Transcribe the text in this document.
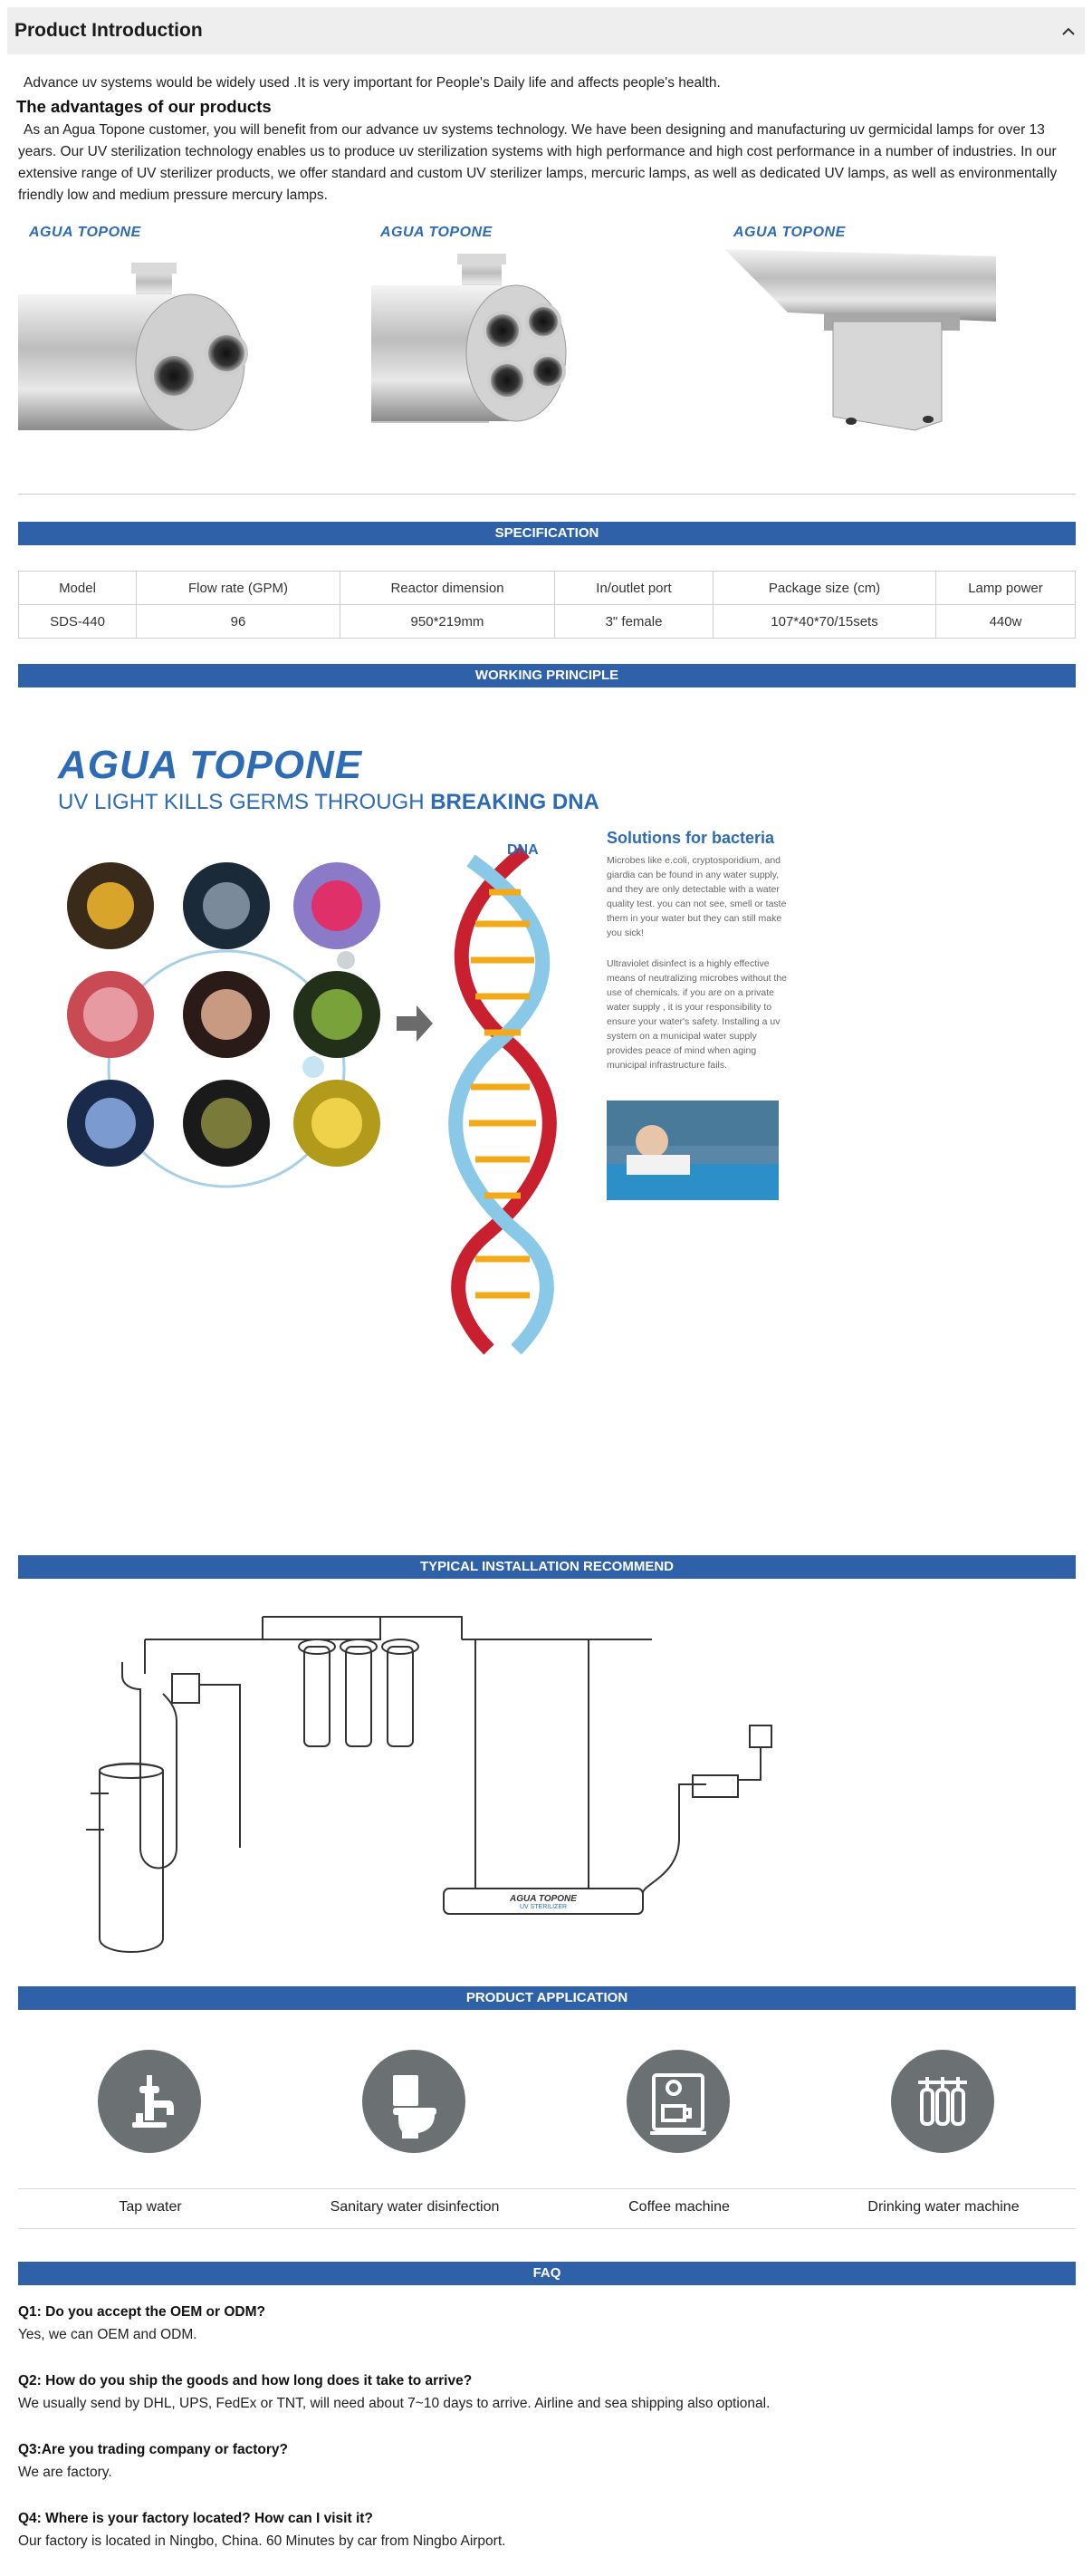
Product Introduction

Advance uv systems would be widely used .It is very important for People's Daily life and affects people's health.

The advantages of our products

As an Agua Topone customer, you will benefit from our advance uv systems technology. We have been designing and manufacturing uv germicidal lamps for over 13 years. Our UV sterilization technology enables us to produce uv sterilization systems with high performance and high cost performance in a number of industries. In our extensive range of UV sterilizer products, we offer standard and custom UV sterilizer lamps, mercuric lamps, as well as dedicated UV lamps, as well as environmentally friendly low and medium pressure mercury lamps.

AGUA TOPONE	AGUA TOPONE	AGUA TOPONE
SPECIFICATION
Model	Flow rate (GPM)	Reactor dimension	In/outlet port	Package size (cm)	Lamp power
SDS-440	96	950*219mm	3" female	107*40*70/15sets	440w
WORKING PRINCIPLE
AGUA TOPONE
UV LIGHT KILLS GERMS THROUGH BREAKING DNA
DNA
Solutions for bacteria
Microbes like e.coli, cryptosporidium, and giardia can be found in any water supply, and they are only detectable with a water quality test. you can not see, smell or taste them in your water but they can still make you sick!
Ultraviolet disinfect is a highly effective means of neutralizing microbes without the use of chemicals. if you are on a private water supply , it is your responsibility to ensure your water's safety. Installing a uv system on a municipal water supply provides peace of mind when aging municipal infrastructure fails.
UV Ballast
AGUA TOPONE
TYPICAL INSTALLATION RECOMMEND
AGUA TOPONE
UV STERILIZER
PRODUCT APPLICATION
Tap water	Sanitary water disinfection	Coffee machine	Drinking water machine
FAQ
Q1: Do you accept the OEM or ODM?
Yes, we can OEM and ODM.
Q2: How do you ship the goods and how long does it take to arrive?
We usually send by DHL, UPS, FedEx or TNT, will need about 7~10 days to arrive. Airline and sea shipping also optional.
Q3:Are you trading company or factory?
We are factory.
Q4: Where is your factory located? How can I visit it?
Our factory is located in Ningbo, China. 60 Minutes by car from Ningbo Airport.
